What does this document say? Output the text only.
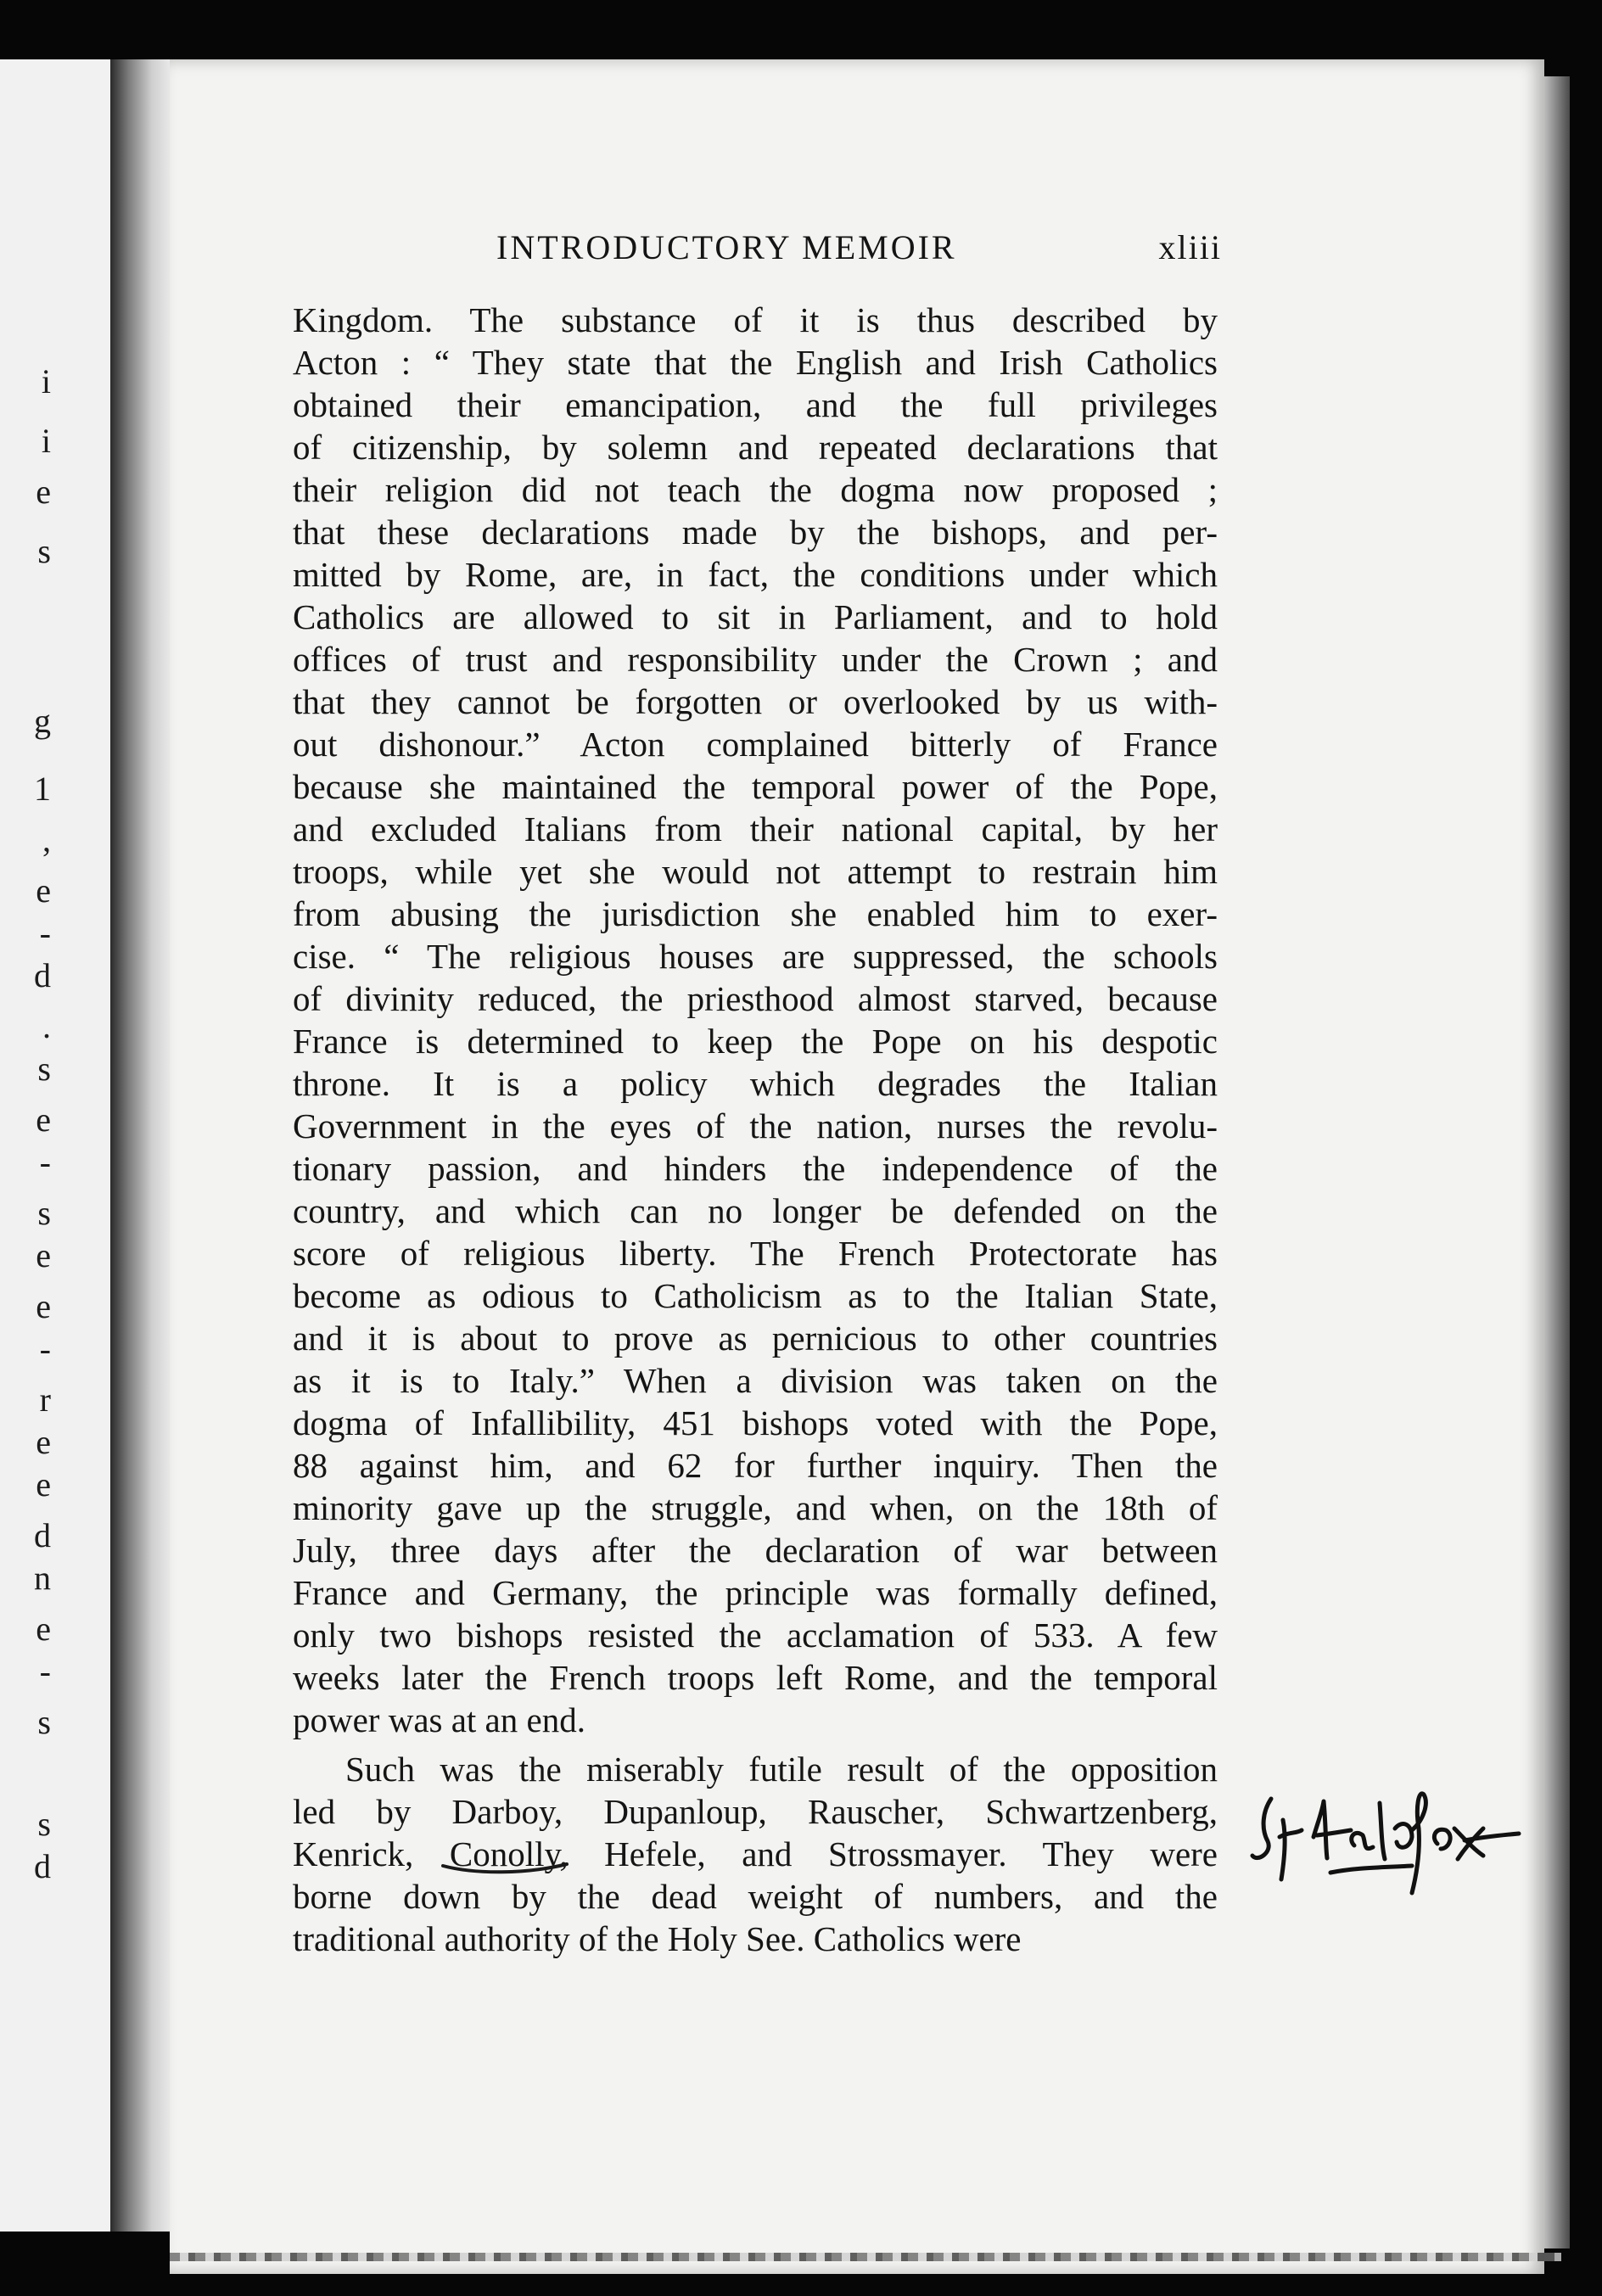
i
i
e
s
g
1
,
e
-
d
.
s
e
-
s
e
e
-
r
e
e
d
n
e
-
s
s
d
INTRODUCTORY MEMOIR	xliii
Kingdom. The substance of it is thus described by
Acton : “ They state that the English and Irish Catholics
obtained their emancipation, and the full privileges
of citizenship, by solemn and repeated declarations that
their religion did not teach the dogma now proposed ;
that these declarations made by the bishops, and per-
mitted by Rome, are, in fact, the conditions under which
Catholics are allowed to sit in Parliament, and to hold
offices of trust and responsibility under the Crown ; and
that they cannot be forgotten or overlooked by us with-
out dishonour.” Acton complained bitterly of France
because she maintained the temporal power of the Pope,
and excluded Italians from their national capital, by her
troops, while yet she would not attempt to restrain him
from abusing the jurisdiction she enabled him to exer-
cise. “ The religious houses are suppressed, the schools
of divinity reduced, the priesthood almost starved, because
France is determined to keep the Pope on his despotic
throne. It is a policy which degrades the Italian
Government in the eyes of the nation, nurses the revolu-
tionary passion, and hinders the independence of the
country, and which can no longer be defended on the
score of religious liberty. The French Protectorate has
become as odious to Catholicism as to the Italian State,
and it is about to prove as pernicious to other countries
as it is to Italy.” When a division was taken on the
dogma of Infallibility, 451 bishops voted with the Pope,
88 against him, and 62 for further inquiry. Then the
minority gave up the struggle, and when, on the 18th of
July, three days after the declaration of war between
France and Germany, the principle was formally defined,
only two bishops resisted the acclamation of 533. A few
weeks later the French troops left Rome, and the temporal
power was at an end.
Such was the miserably futile result of the opposition
led by Darboy, Dupanloup, Rauscher, Schwartzenberg,
Kenrick, Conolly, Hefele, and Strossmayer. They were
borne down by the dead weight of numbers, and the
traditional authority of the Holy See. Catholics were
